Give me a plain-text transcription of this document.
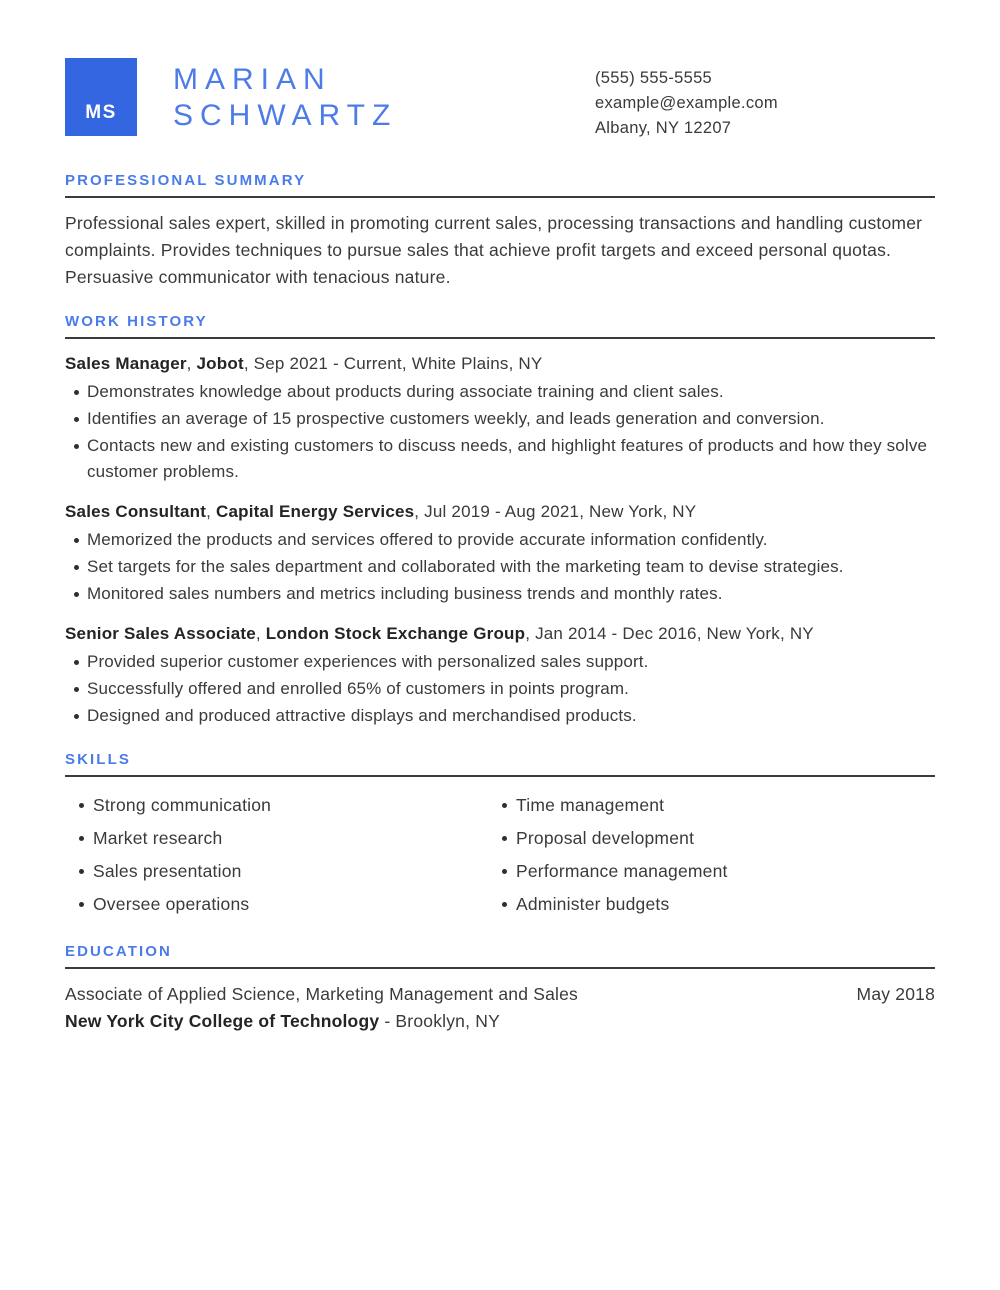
MS
MARIAN
SCHWARTZ
(555) 555-5555
example@example.com
Albany, NY 12207
PROFESSIONAL SUMMARY
Professional sales expert, skilled in promoting current sales, processing transactions and handling customer complaints. Provides techniques to pursue sales that achieve profit targets and exceed personal quotas. Persuasive communicator with tenacious nature.
WORK HISTORY
Sales Manager, Jobot, Sep 2021 - Current, White Plains, NY
Demonstrates knowledge about products during associate training and client sales.
Identifies an average of 15 prospective customers weekly, and leads generation and conversion.
Contacts new and existing customers to discuss needs, and highlight features of products and how they solve customer problems.
Sales Consultant, Capital Energy Services, Jul 2019 - Aug 2021, New York, NY
Memorized the products and services offered to provide accurate information confidently.
Set targets for the sales department and collaborated with the marketing team to devise strategies.
Monitored sales numbers and metrics including business trends and monthly rates.
Senior Sales Associate, London Stock Exchange Group, Jan 2014 - Dec 2016, New York, NY
Provided superior customer experiences with personalized sales support.
Successfully offered and enrolled 65% of customers in points program.
Designed and produced attractive displays and merchandised products.
SKILLS
Strong communication
Market research
Sales presentation
Oversee operations
Time management
Proposal development
Performance management
Administer budgets
EDUCATION
Associate of Applied Science, Marketing Management and Sales	May 2018
New York City College of Technology - Brooklyn, NY
